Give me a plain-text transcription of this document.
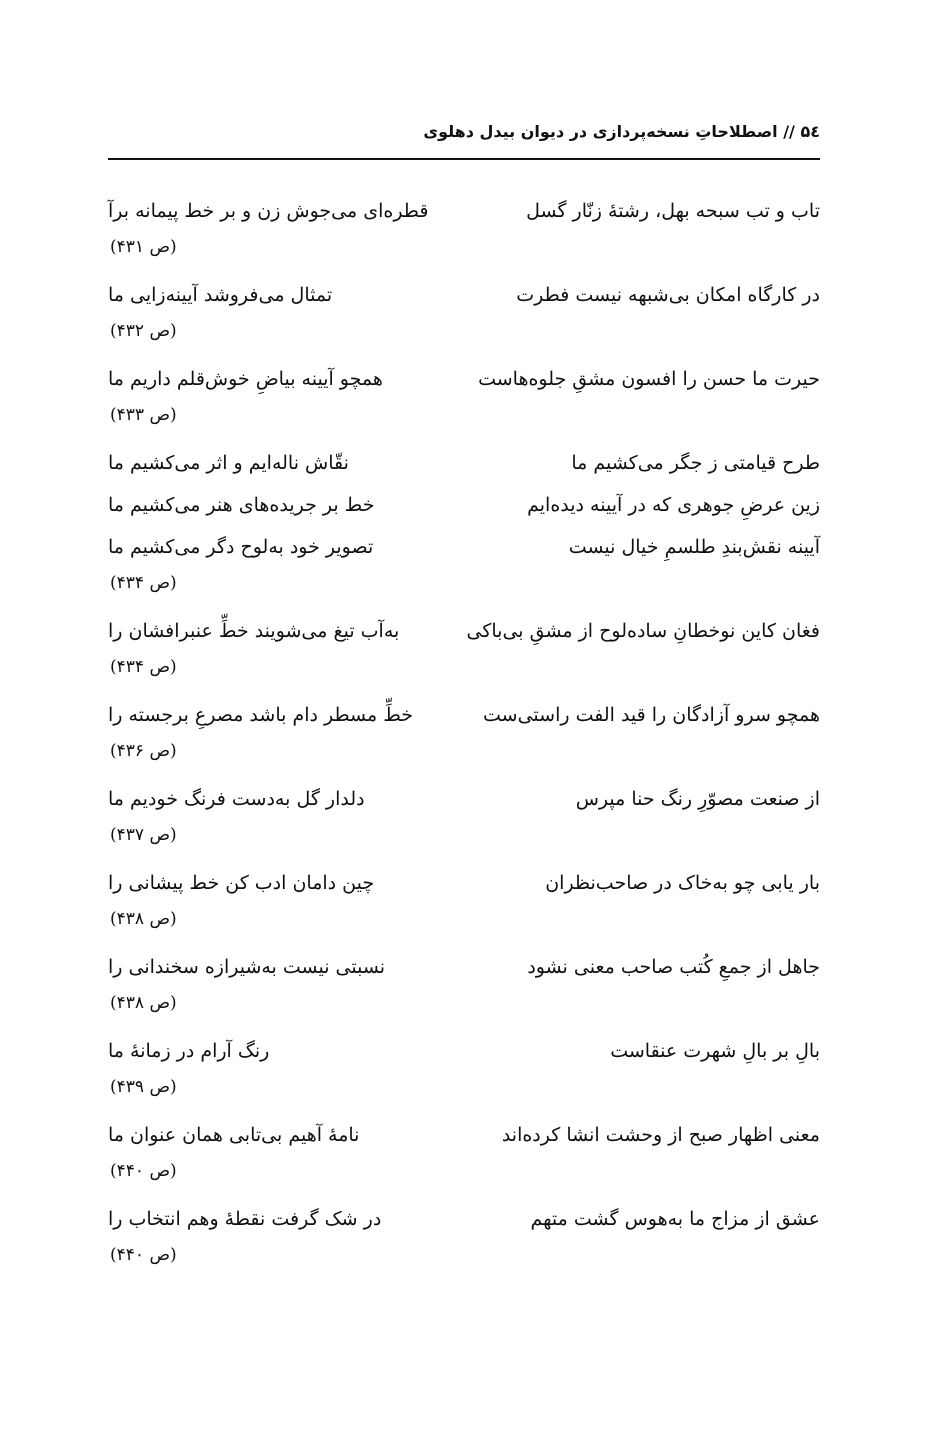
۵٤ // اصطلاحاتِ نسخه‌پردازی در دیوان بیدل دهلوی
تاب و تب سبحه بهل، رشتهٔ زنّار گسل
قطره‌ای می‌جوش زن و بر خط پیمانه برآ
(ص ۴۳۱)
در کارگاه امکان بی‌شبهه نیست فطرت
تمثال می‌فروشد آیینه‌زایی ما
(ص ۴۳۲)
حیرت ما حسن را افسون مشقِ جلوه‌هاست
همچو آیینه بیاضِ خوش‌قلم داریم ما
(ص ۴۳۳)
طرح قیامتی ز جگر می‌کشیم ما
نقّاش ناله‌ایم و اثر می‌کشیم ما
زین عرضِ جوهری که در آیینه دیده‌ایم
خط بر جریده‌های هنر می‌کشیم ما
آیینه نقش‌بندِ طلسمِ خیال نیست
تصویر خود به‌لوح دگر می‌کشیم ما
(ص ۴۳۴)
فغان کاین نوخطانِ ساده‌لوح از مشقِ بی‌باکی
به‌آب تیغ می‌شویند خطِّ عنبرافشان را
(ص ۴۳۴)
همچو سرو آزادگان را قید الفت راستی‌ست
خطِّ مسطر دام باشد مصرعِ برجسته را
(ص ۴۳۶)
از صنعت مصوّرِ رنگ حنا مپرس
دلدار گل به‌دست فرنگ خودیم ما
(ص ۴۳۷)
بار یابی چو به‌خاک در صاحب‌نظران
چین دامان ادب کن خط پیشانی را
(ص ۴۳۸)
جاهل از جمعِ کُتب صاحب معنی نشود
نسبتی نیست به‌شیرازه سخندانی را
(ص ۴۳۸)
بالِ بر بالِ شهرت عنقاست
رنگ آرام در زمانهٔ ما
(ص ۴۳۹)
معنی اظهار صبح از وحشت انشا کرده‌اند
نامهٔ آهیم بی‌تابی همان عنوان ما
(ص ۴۴۰)
عشق از مزاج ما به‌هوس گشت متهم
در شک گرفت نقطهٔ وهم انتخاب را
(ص ۴۴۰)
